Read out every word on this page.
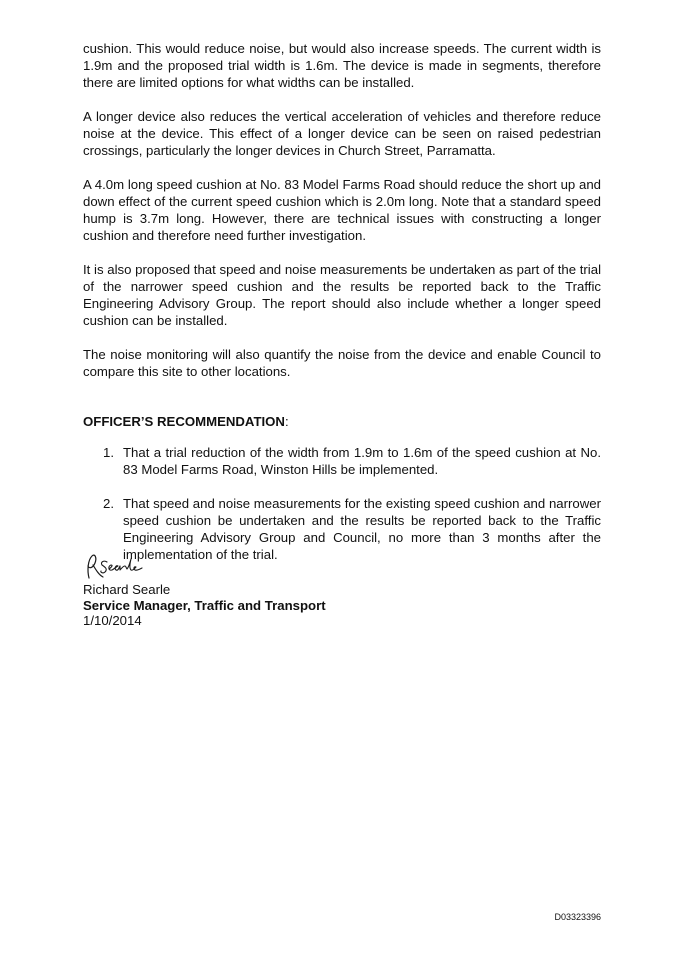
cushion. This would reduce noise, but would also increase speeds. The current width is 1.9m and the proposed trial width is 1.6m. The device is made in segments, therefore there are limited options for what widths can be installed.

A longer device also reduces the vertical acceleration of vehicles and therefore reduce noise at the device. This effect of a longer device can be seen on raised pedestrian crossings, particularly the longer devices in Church Street, Parramatta.

A 4.0m long speed cushion at No. 83 Model Farms Road should reduce the short up and down effect of the current speed cushion which is 2.0m long. Note that a standard speed hump is 3.7m long. However, there are technical issues with constructing a longer cushion and therefore need further investigation.

It is also proposed that speed and noise measurements be undertaken as part of the trial of the narrower speed cushion and the results be reported back to the Traffic Engineering Advisory Group. The report should also include whether a longer speed cushion can be installed.

The noise monitoring will also quantify the noise from the device and enable Council to compare this site to other locations.

OFFICER’S RECOMMENDATION:
1. That a trial reduction of the width from 1.9m to 1.6m of the speed cushion at No. 83 Model Farms Road, Winston Hills be implemented.
2. That speed and noise measurements for the existing speed cushion and narrower speed cushion be undertaken and the results be reported back to the Traffic Engineering Advisory Group and Council, no more than 3 months after the implementation of the trial.
Richard Searle
Service Manager, Traffic and Transport
1/10/2014
D03323396
